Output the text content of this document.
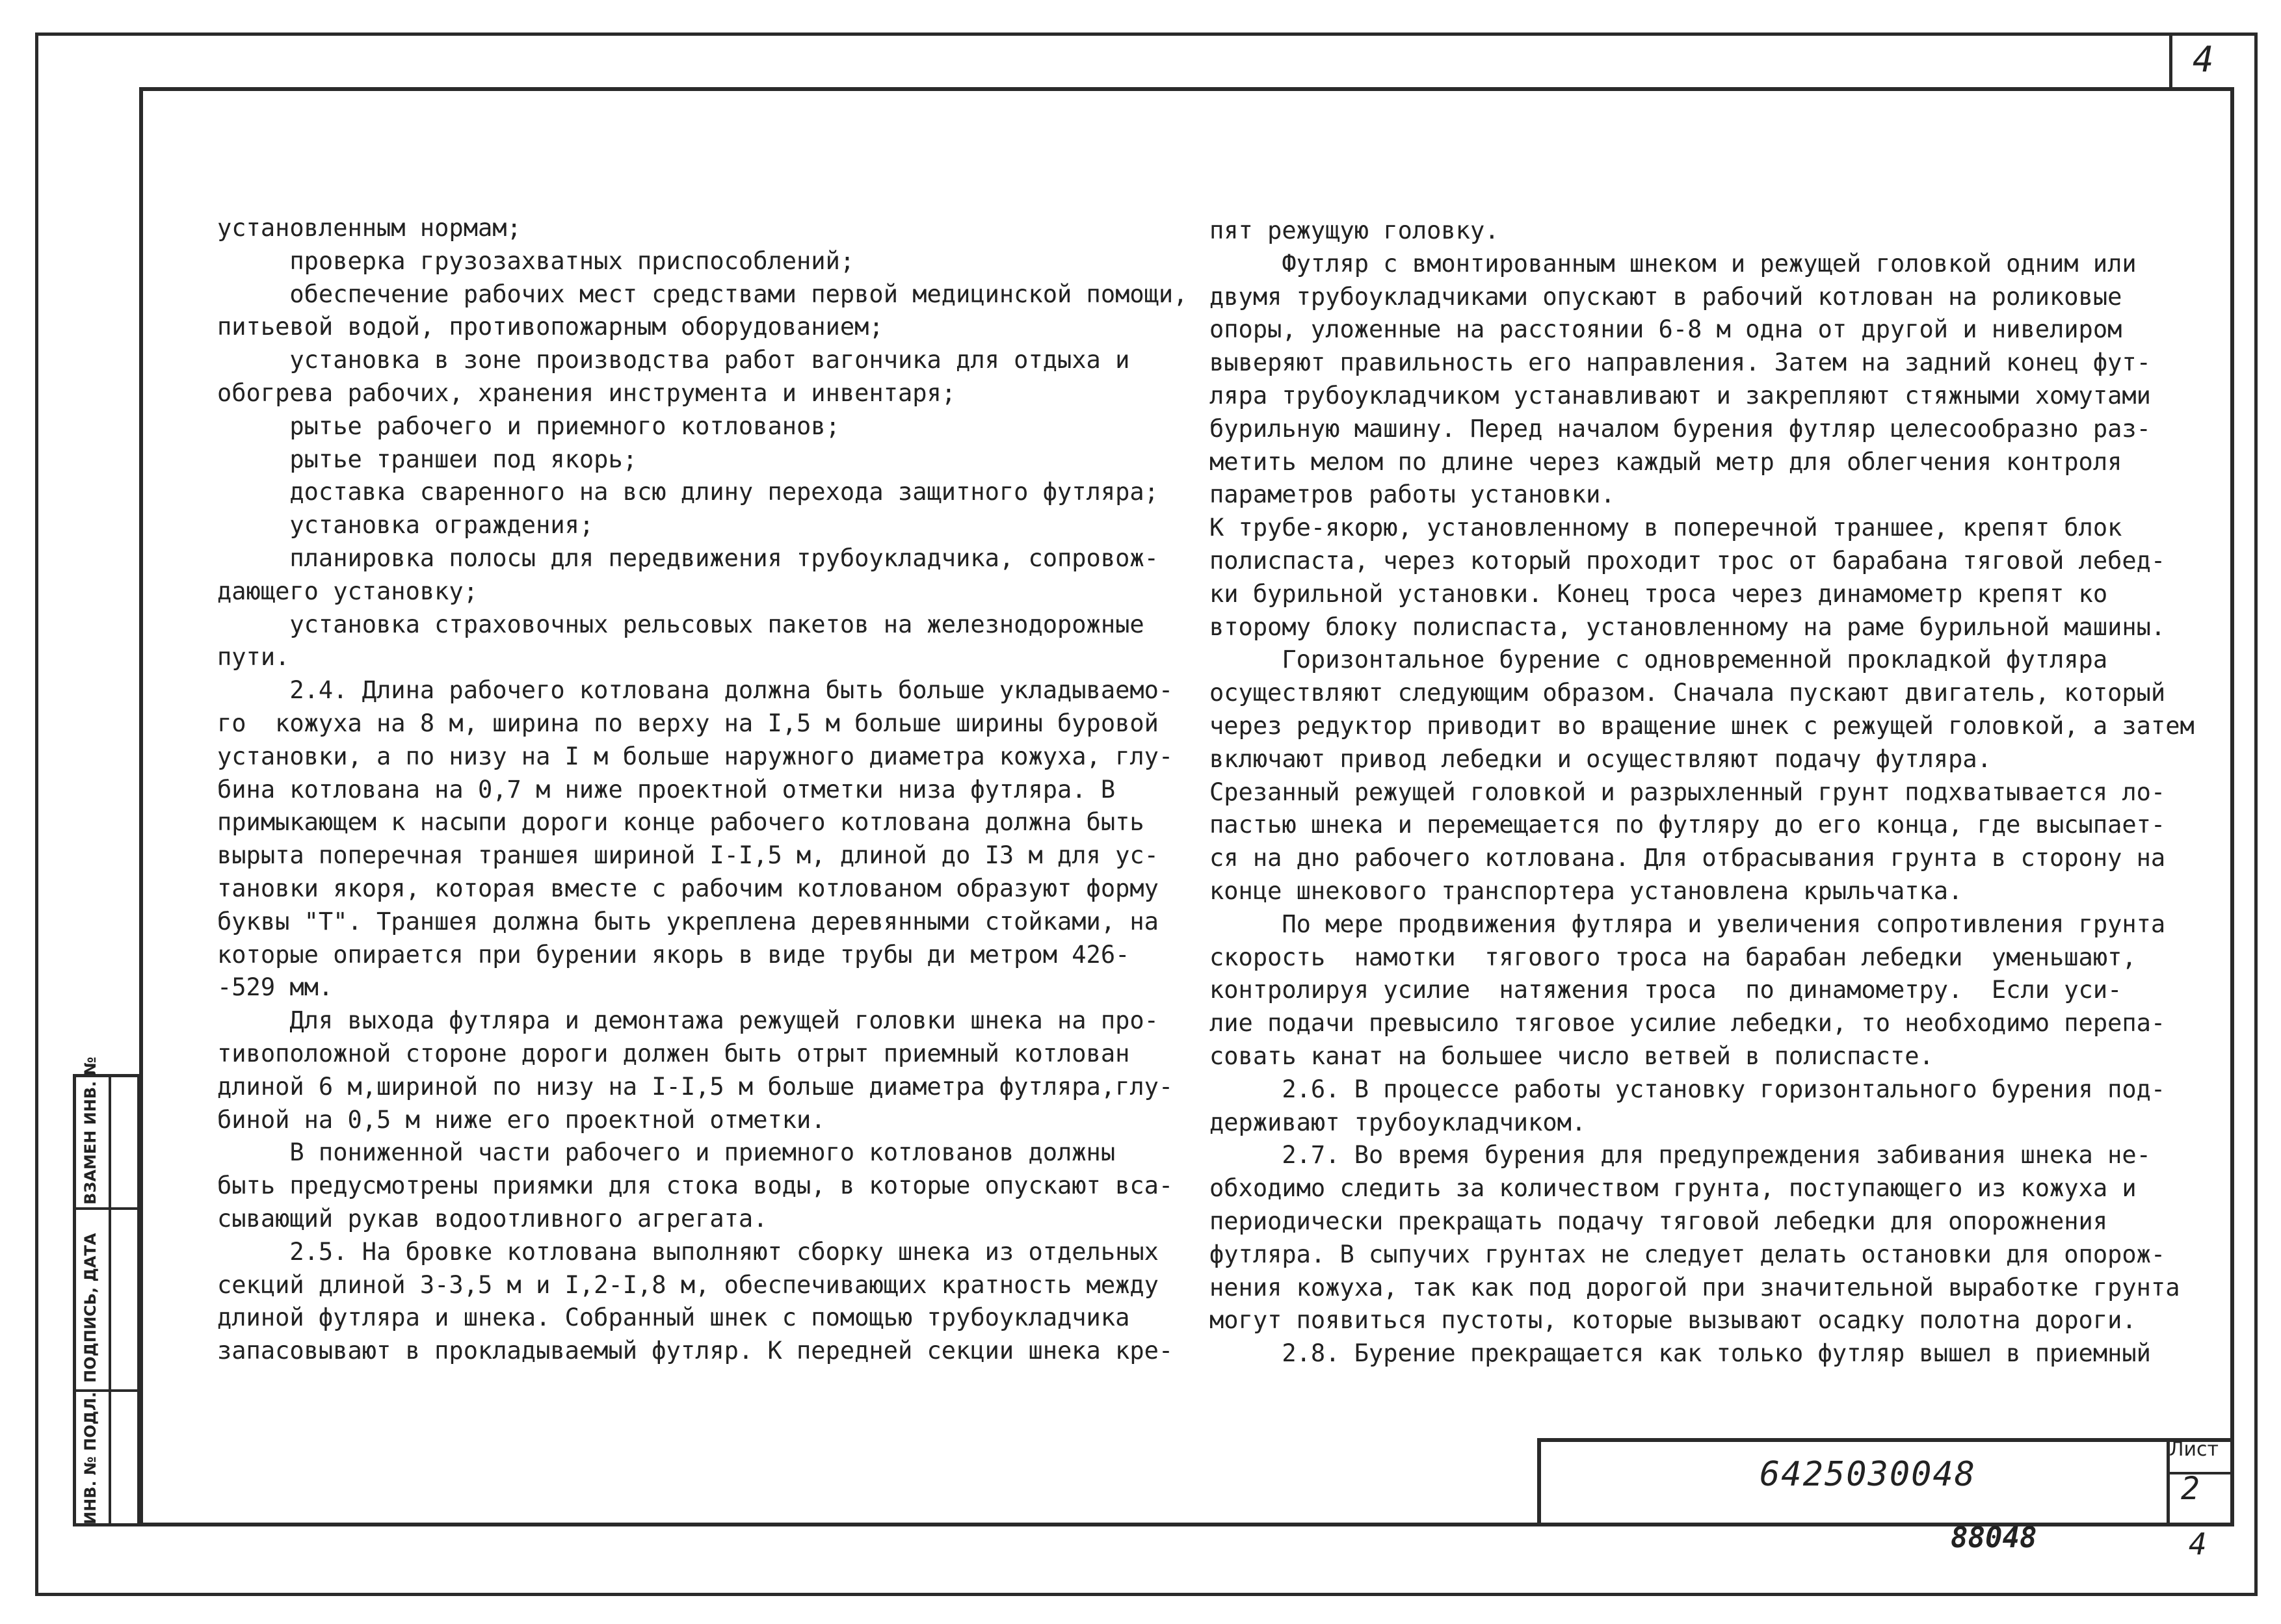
4
ИНВ. № ПОДЛ.
ПОДПИСЬ, ДАТА
ВЗАМЕН ИНВ. №
установленным нормам;
проверка грузозахватных приспособлений;
обеспечение рабочих мест средствами первой медицинской помощи,
питьевой водой, противопожарным оборудованием;
установка в зоне производства работ вагончика для отдыха и
обогрева рабочих, хранения инструмента и инвентаря;
рытье рабочего и приемного котлованов;
рытье траншеи под якорь;
доставка сваренного на всю длину перехода защитного футляра;
установка ограждения;
планировка полосы для передвижения трубоукладчика, сопровож-
дающего установку;
установка страховочных рельсовых пакетов на железнодорожные
пути.
2.4. Длина рабочего котлована должна быть больше укладываемо-
го  кожуха на 8 м, ширина по верху на I,5 м больше ширины буровой
установки, а по низу на I м больше наружного диаметра кожуха, глу-
бина котлована на 0,7 м ниже проектной отметки низа футляра. В
примыкающем к насыпи дороги конце рабочего котлована должна быть
вырыта поперечная траншея шириной I-I,5 м, длиной до I3 м для ус-
тановки якоря, которая вместе с рабочим котлованом образуют форму
буквы "Т". Траншея должна быть укреплена деревянными стойками, на
которые опирается при бурении якорь в виде трубы ди метром 426-
-529 мм.
Для выхода футляра и демонтажа режущей головки шнека на про-
тивоположной стороне дороги должен быть отрыт приемный котлован
длиной 6 м,шириной по низу на I-I,5 м больше диаметра футляра,глу-
биной на 0,5 м ниже его проектной отметки.
В пониженной части рабочего и приемного котлованов должны
быть предусмотрены приямки для стока воды, в которые опускают вса-
сывающий рукав водоотливного агрегата.
2.5. На бровке котлована выполняют сборку шнека из отдельных
секций длиной 3-3,5 м и I,2-I,8 м, обеспечивающих кратность между
длиной футляра и шнека. Собранный шнек с помощью трубоукладчика
запасовывают в прокладываемый футляр. К передней секции шнека кре-
пят режущую головку.
Футляр с вмонтированным шнеком и режущей головкой одним или
двумя трубоукладчиками опускают в рабочий котлован на роликовые
опоры, уложенные на расстоянии 6-8 м одна от другой и нивелиром
выверяют правильность его направления. Затем на задний конец фут-
ляра трубоукладчиком устанавливают и закрепляют стяжными хомутами
бурильную машину. Перед началом бурения футляр целесообразно раз-
метить мелом по длине через каждый метр для облегчения контроля
параметров работы установки.
К трубе-якорю, установленному в поперечной траншее, крепят блок
полиспаста, через который проходит трос от барабана тяговой лебед-
ки бурильной установки. Конец троса через динамометр крепят ко
второму блоку полиспаста, установленному на раме бурильной машины.
Горизонтальное бурение с одновременной прокладкой футляра
осуществляют следующим образом. Сначала пускают двигатель, который
через редуктор приводит во вращение шнек с режущей головкой, а затем
включают привод лебедки и осуществляют подачу футляра.
Срезанный режущей головкой и разрыхленный грунт подхватывается ло-
пастью шнека и перемещается по футляру до его конца, где высыпает-
ся на дно рабочего котлована. Для отбрасывания грунта в сторону на
конце шнекового транспортера установлена крыльчатка.
По мере продвижения футляра и увеличения сопротивления грунта
скорость  намотки  тягового троса на барабан лебедки  уменьшают,
контролируя усилие  натяжения троса  по динамометру.  Если уси-
лие подачи превысило тяговое усилие лебедки, то необходимо перепа-
совать канат на большее число ветвей в полиспасте.
2.6. В процессе работы установку горизонтального бурения под-
держивают трубоукладчиком.
2.7. Во время бурения для предупреждения забивания шнека не-
обходимо следить за количеством грунта, поступающего из кожуха и
периодически прекращать подачу тяговой лебедки для опорожнения
футляра. В сыпучих грунтах не следует делать остановки для опорож-
нения кожуха, так как под дорогой при значительной выработке грунта
могут появиться пустоты, которые вызывают осадку полотна дороги.
2.8. Бурение прекращается как только футляр вышел в приемный
6425030048
Лист
2
88048	4
